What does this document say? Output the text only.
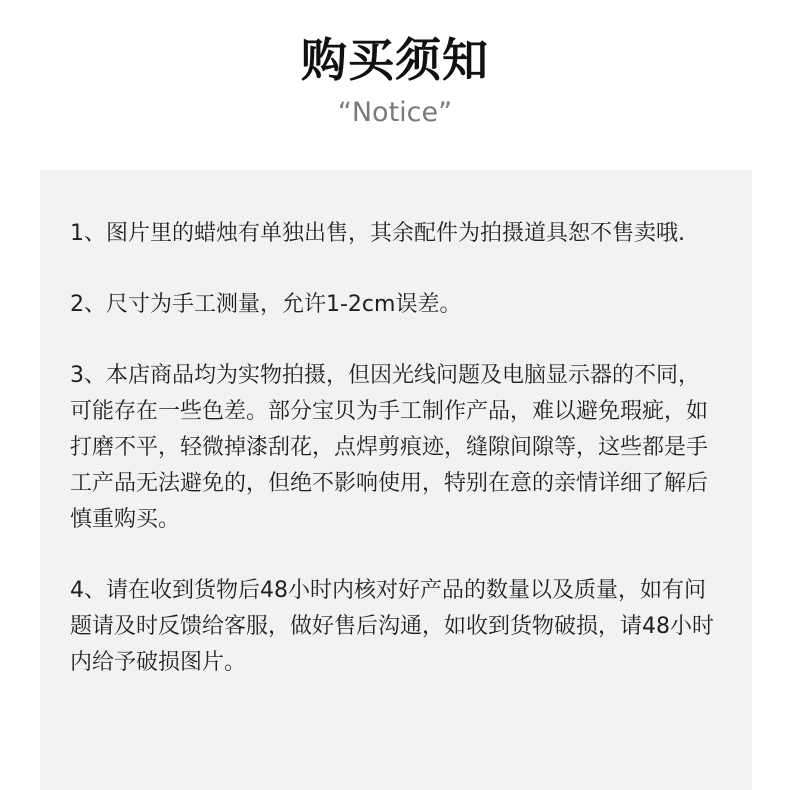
购买须知
“Notice”
1、图片里的蜡烛有单独出售，其余配件为拍摄道具恕不售卖哦.
2、尺寸为手工测量，允许1-2cm误差。
3、本店商品均为实物拍摄，但因光线问题及电脑显示器的不同，可能存在一些色差。部分宝贝为手工制作产品，难以避免瑕疵，如打磨不平，轻微掉漆刮花，点焊剪痕迹，缝隙间隙等，这些都是手工产品无法避免的，但绝不影响使用，特别在意的亲情详细了解后慎重购买。
4、请在收到货物后48小时内核对好产品的数量以及质量，如有问题请及时反馈给客服，做好售后沟通，如收到货物破损，请48小时内给予破损图片。
